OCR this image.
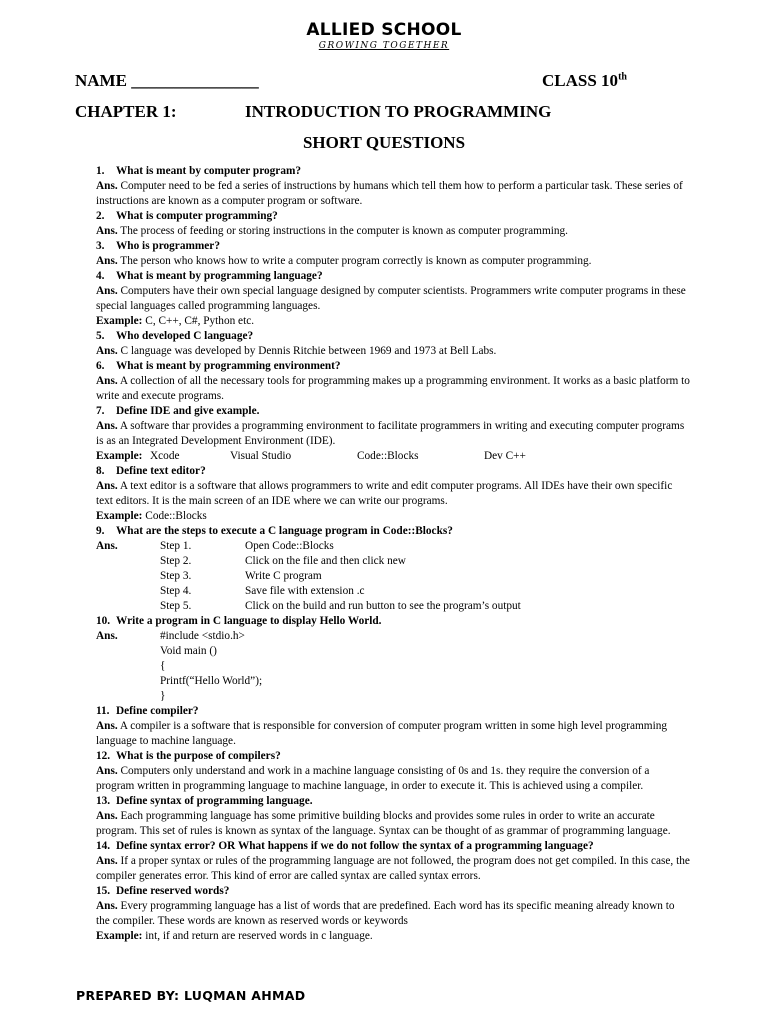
ALLIED SCHOOL
GROWING TOGETHER
NAME _______________	CLASS 10th
CHAPTER 1:	INTRODUCTION TO PROGRAMMING
SHORT QUESTIONS

1. What is meant by computer program?

Ans. Computer need to be fed a series of instructions by humans which tell them how to perform a particular task. These series of instructions are known as a computer program or software.

2. What is computer programming?

Ans. The process of feeding or storing instructions in the computer is known as computer programming.

3. Who is programmer?

Ans. The person who knows how to write a computer program correctly is known as computer programming.

4. What is meant by programming language?

Ans. Computers have their own special language designed by computer scientists. Programmers write computer programs in these special languages called programming languages.

Example: C, C++, C#, Python etc.

5. Who developed C language?

Ans. C language was developed by Dennis Ritchie between 1969 and 1973 at Bell Labs.

6. What is meant by programming environment?

Ans. A collection of all the necessary tools for programming makes up a programming environment. It works as a basic platform to write and execute programs.

7. Define IDE and give example.

Ans. A software thar provides a programming environment to facilitate programmers in writing and executing computer programs is as an Integrated Development Environment (IDE).

Example: Xcode	Visual Studio	Code::Blocks	Dev C++

8. Define text editor?

Ans. A text editor is a software that allows programmers to write and edit computer programs. All IDEs have their own specific text editors. It is the main screen of an IDE where we can write our programs.

Example: Code::Blocks

9. What are the steps to execute a C language program in Code::Blocks?

Ans.	Step 1.	Open Code::Blocks
Step 2.	Click on the file and then click new
Step 3.	Write C program
Step 4.	Save file with extension .c
Step 5.	Click on the build and run button to see the program’s output

10. Write a program in C language to display Hello World.

Ans.	#include <stdio.h>
Void main ()
{
Printf(“Hello World”);
}

11. Define compiler?

Ans. A compiler is a software that is responsible for conversion of computer program written in some high level programming language to machine language.

12. What is the purpose of compilers?

Ans. Computers only understand and work in a machine language consisting of 0s and 1s. they require the conversion of a program written in programming language to machine language, in order to execute it. This is achieved using a compiler.

13. Define syntax of programming language.

Ans. Each programming language has some primitive building blocks and provides some rules in order to write an accurate program. This set of rules is known as syntax of the language. Syntax can be thought of as grammar of programming language.

14. Define syntax error? OR What happens if we do not follow the syntax of a programming language?

Ans. If a proper syntax or rules of the programming language are not followed, the program does not get compiled. In this case, the compiler generates error. This kind of error are called syntax are called syntax errors.

15. Define reserved words?

Ans. Every programming language has a list of words that are predefined. Each word has its specific meaning already known to the compiler. These words are known as reserved words or keywords

Example: int, if and return are reserved words in c language.

PREPARED BY: LUQMAN AHMAD
